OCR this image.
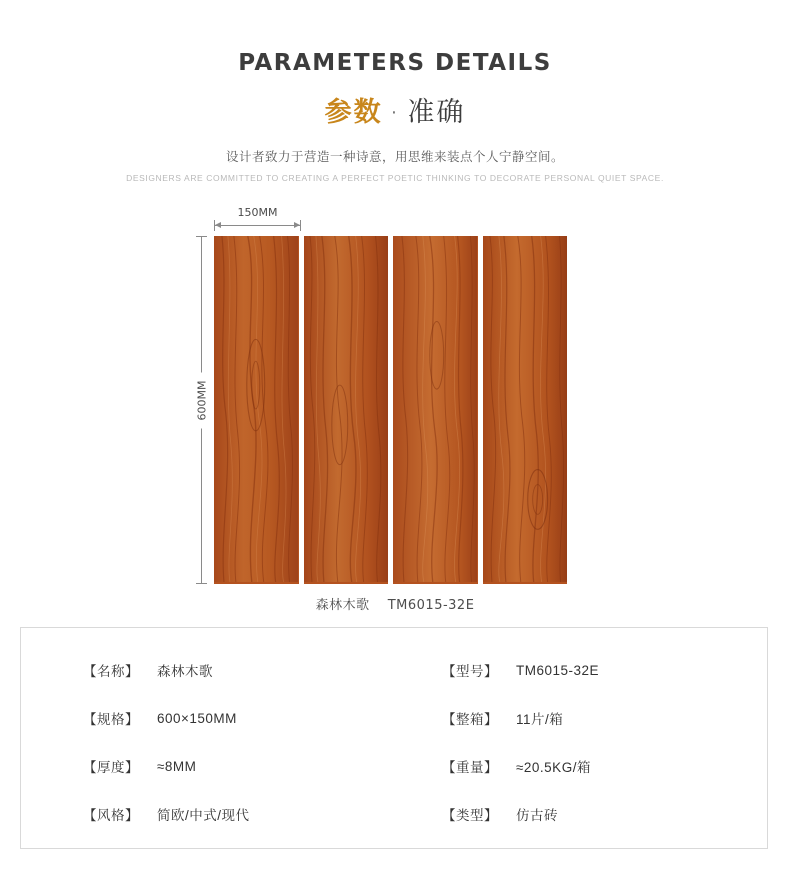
PARAMETERS DETAILS
参数 · 准确
设计者致力于营造一种诗意，用思维来装点个人宁静空间。
DESIGNERS ARE COMMITTED TO CREATING A PERFECT POETIC THINKING TO DECORATE PERSONAL QUIET SPACE.
150MM
600MM
森林木歌 TM6015-32E
【名称】	森林木歌	【型号】	TM6015-32E
【规格】	600×150MM	【整箱】	11片/箱
【厚度】	≈8MM	【重量】	≈20.5KG/箱
【风格】	简欧/中式/现代	【类型】	仿古砖
